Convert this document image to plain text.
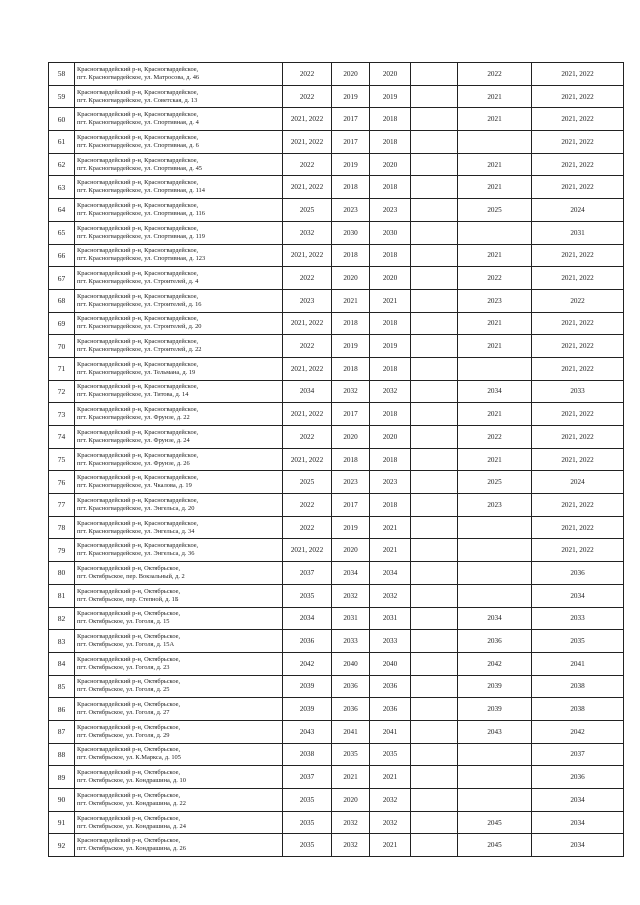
58	Красногвардейский р-н, Красногвардейское,
пгт. Красногвардейское, ул. Матросова, д. 46	2022	2020	2020		2022	2021, 2022
59	Красногвардейский р-н, Красногвардейское,
пгт. Красногвардейское, ул. Советская, д. 13	2022	2019	2019		2021	2021, 2022
60	Красногвардейский р-н, Красногвардейское,
пгт. Красногвардейское, ул. Спортивная, д. 4	2021, 2022	2017	2018		2021	2021, 2022
61	Красногвардейский р-н, Красногвардейское,
пгт. Красногвардейское, ул. Спортивная, д. 6	2021, 2022	2017	2018			2021, 2022
62	Красногвардейский р-н, Красногвардейское,
пгт. Красногвардейское, ул. Спортивная, д. 45	2022	2019	2020		2021	2021, 2022
63	Красногвардейский р-н, Красногвардейское,
пгт. Красногвардейское, ул. Спортивная, д. 114	2021, 2022	2018	2018		2021	2021, 2022
64	Красногвардейский р-н, Красногвардейское,
пгт. Красногвардейское, ул. Спортивная, д. 116	2025	2023	2023		2025	2024
65	Красногвардейский р-н, Красногвардейское,
пгт. Красногвардейское, ул. Спортивная, д. 119	2032	2030	2030			2031
66	Красногвардейский р-н, Красногвардейское,
пгт. Красногвардейское, ул. Спортивная, д. 123	2021, 2022	2018	2018		2021	2021, 2022
67	Красногвардейский р-н, Красногвардейское,
пгт. Красногвардейское, ул. Строителей, д. 4	2022	2020	2020		2022	2021, 2022
68	Красногвардейский р-н, Красногвардейское,
пгт. Красногвардейское, ул. Строителей, д. 16	2023	2021	2021		2023	2022
69	Красногвардейский р-н, Красногвардейское,
пгт. Красногвардейское, ул. Строителей, д. 20	2021, 2022	2018	2018		2021	2021, 2022
70	Красногвардейский р-н, Красногвардейское,
пгт. Красногвардейское, ул. Строителей, д. 22	2022	2019	2019		2021	2021, 2022
71	Красногвардейский р-н, Красногвардейское,
пгт. Красногвардейское, ул. Тельмана, д. 19	2021, 2022	2018	2018			2021, 2022
72	Красногвардейский р-н, Красногвардейское,
пгт. Красногвардейское, ул. Титова, д. 14	2034	2032	2032		2034	2033
73	Красногвардейский р-н, Красногвардейское,
пгт. Красногвардейское, ул. Фрунзе, д. 22	2021, 2022	2017	2018		2021	2021, 2022
74	Красногвардейский р-н, Красногвардейское,
пгт. Красногвардейское, ул. Фрунзе, д. 24	2022	2020	2020		2022	2021, 2022
75	Красногвардейский р-н, Красногвардейское,
пгт. Красногвардейское, ул. Фрунзе, д. 26	2021, 2022	2018	2018		2021	2021, 2022
76	Красногвардейский р-н, Красногвардейское,
пгт. Красногвардейское, ул. Чкалова, д. 19	2025	2023	2023		2025	2024
77	Красногвардейский р-н, Красногвардейское,
пгт. Красногвардейское, ул. Энгельса, д. 20	2022	2017	2018		2023	2021, 2022
78	Красногвардейский р-н, Красногвардейское,
пгт. Красногвардейское, ул. Энгельса, д. 34	2022	2019	2021			2021, 2022
79	Красногвардейский р-н, Красногвардейское,
пгт. Красногвардейское, ул. Энгельса, д. 36	2021, 2022	2020	2021			2021, 2022
80	Красногвардейский р-н, Октябрьское,
пгт. Октябрьское, пер. Вокзальный, д. 2	2037	2034	2034			2036
81	Красногвардейский р-н, Октябрьское,
пгт. Октябрьское, пер. Степной, д. 1Б	2035	2032	2032			2034
82	Красногвардейский р-н, Октябрьское,
пгт. Октябрьское, ул. Гоголя, д. 15	2034	2031	2031		2034	2033
83	Красногвардейский р-н, Октябрьское,
пгт. Октябрьское, ул. Гоголя, д. 15А	2036	2033	2033		2036	2035
84	Красногвардейский р-н, Октябрьское,
пгт. Октябрьское, ул. Гоголя, д. 23	2042	2040	2040		2042	2041
85	Красногвардейский р-н, Октябрьское,
пгт. Октябрьское, ул. Гоголя, д. 25	2039	2036	2036		2039	2038
86	Красногвардейский р-н, Октябрьское,
пгт. Октябрьское, ул. Гоголя, д. 27	2039	2036	2036		2039	2038
87	Красногвардейский р-н, Октябрьское,
пгт. Октябрьское, ул. Гоголя, д. 29	2043	2041	2041		2043	2042
88	Красногвардейский р-н, Октябрьское,
пгт. Октябрьское, ул. К.Маркса, д. 105	2038	2035	2035			2037
89	Красногвардейский р-н, Октябрьское,
пгт. Октябрьское, ул. Кондрашина, д. 10	2037	2021	2021			2036
90	Красногвардейский р-н, Октябрьское,
пгт. Октябрьское, ул. Кондрашина, д. 22	2035	2020	2032			2034
91	Красногвардейский р-н, Октябрьское,
пгт. Октябрьское, ул. Кондрашина, д. 24	2035	2032	2032		2045	2034
92	Красногвардейский р-н, Октябрьское,
пгт. Октябрьское, ул. Кондрашина, д. 26	2035	2032	2021		2045	2034
